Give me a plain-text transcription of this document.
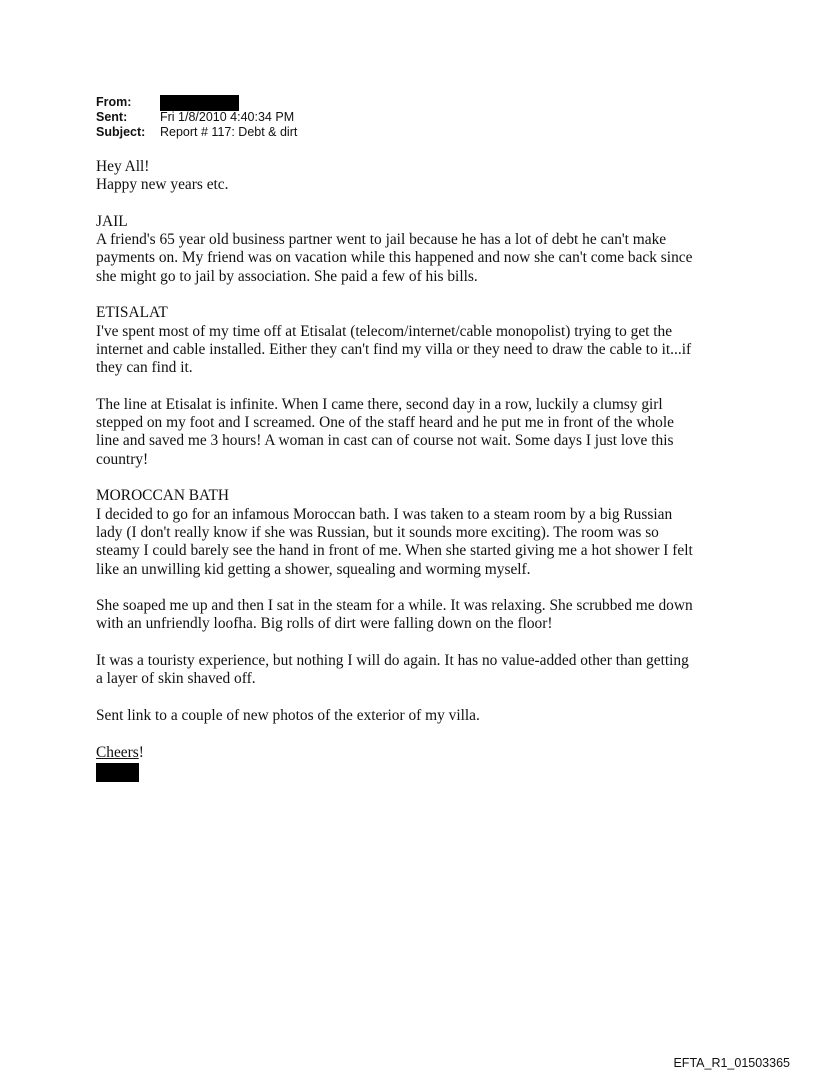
From:
Sent:	Fri 1/8/2010 4:40:34 PM
Subject:	Report # 117: Debt & dirt
Hey All!
Happy new years etc.
JAIL
A friend's 65 year old business partner went to jail because he has a lot of debt he can't make
payments on. My friend was on vacation while this happened and now she can't come back since
she might go to jail by association. She paid a few of his bills.
ETISALAT
I've spent most of my time off at Etisalat (telecom/internet/cable monopolist) trying to get the
internet and cable installed. Either they can't find my villa or they need to draw the cable to it...if
they can find it.
The line at Etisalat is infinite. When I came there, second day in a row, luckily a clumsy girl
stepped on my foot and I screamed. One of the staff heard and he put me in front of the whole
line and saved me 3 hours! A woman in cast can of course not wait. Some days I just love this
country!
MOROCCAN BATH
I decided to go for an infamous Moroccan bath. I was taken to a steam room by a big Russian
lady (I don't really know if she was Russian, but it sounds more exciting). The room was so
steamy I could barely see the hand in front of me. When she started giving me a hot shower I felt
like an unwilling kid getting a shower, squealing and worming myself.
She soaped me up and then I sat in the steam for a while. It was relaxing. She scrubbed me down
with an unfriendly loofha. Big rolls of dirt were falling down on the floor!
It was a touristy experience, but nothing I will do again. It has no value-added other than getting
a layer of skin shaved off.
Sent link to a couple of new photos of the exterior of my villa.
Cheers!
EFTA_R1_01503365
